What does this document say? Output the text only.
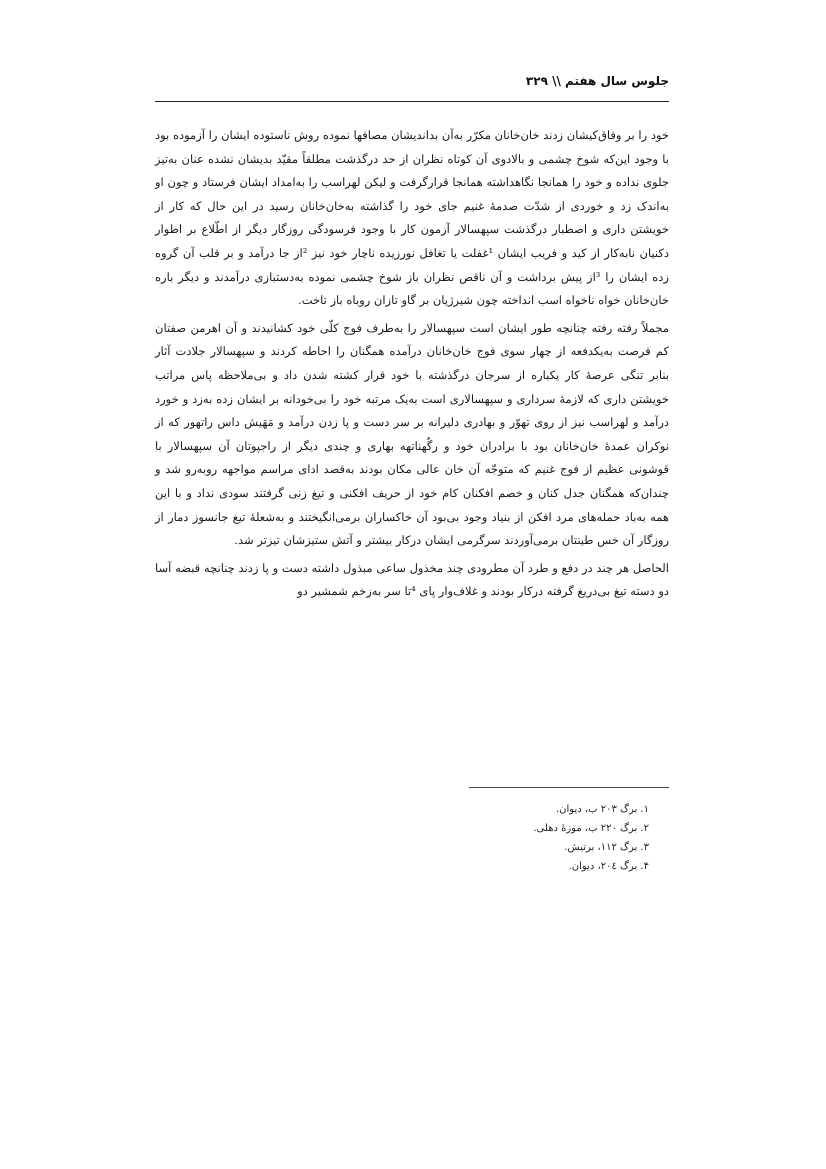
جلوس سال هفتم \\ ۳۲۹

خود را بر وفاق‌کیشان زدند خان‌خانان مکرّر به‌آن بداندیشان مصافها نموده روش ناستوده ایشان را آزموده بود با وجود این‌که شوخ چشمی و بالادوی آن کوتاه نظران از حد درگذشت مطلقاً مقیّد بدیشان نشده عنان به‌تیز جلوی نداده و خود را همانجا نگاهداشته همانجا قرارگرفت و لیکن لهراسب را به‌امداد ایشان فرستاد و چون او به‌اندک زد و خوردی از شدّت صدمهٔ غنیم جای خود را گذاشته به‌خان‌خانان رسید در این حال که کار از خویشتن داری و اصطبار درگذشت سپهسالار آزمون کار با وجود فرسودگی روزگار دیگر از اطّلاع بر اطوار دکنیان نابه‌کار از کید و فریب ایشان ¹غفلت یا تغافل نورزیده ناچار خود نیز ²از جا درآمد و بر قلب آن گروه زده ایشان را ³از پیش برداشت و آن ناقص نظران باز شوخ چشمی نموده به‌دستبازی درآمدند و دیگر باره خان‌خانان خواه ناخواه اسب انداخته چون شیرژیان بر گاو تازان روباه باز تاخت.

مجملاً رفته رفته چنانچه طور ایشان است سپهسالار را به‌طرف فوج کلّی خود کشانیدند و آن اهرمن صفتان کم فرصت به‌یکدفعه از چهار سوی فوج خان‌خانان درآمده همگنان را احاطه کردند و سپهسالار جلادت آثار بنابر تنگی عرصهٔ کار یکباره از سرجان درگذشته با خود قرار کشته شدن داد و بی‌ملاحظه پاس مراتب خویشتن داری که لازمهٔ سرداری و سپهسالاری است به‌یک مرتبه خود را بی‌خودانه بر ایشان زده به‌زد و خورد درآمد و لهراسب نیز از روی تهوّر و بهادری دلیرانه بر سر دست و پا زدن درآمد و مَهَیش داس راتهور که از نوکران عمدهٔ خان‌خانان بود با برادران خود و رگُهناتهه بهاری و چندی دیگر از راجپوتان آن سپهسالار با قوشونی عظیم از فوج غنیم که متوجّه آن خان عالی مکان بودند به‌قصد ادای مراسم مواجهه روبه‌رو شد و چندان‌که همگنان جدل کنان و خصم افکنان کام خود از حریف افکنی و تیغ زنی گرفتند سودی نداد و با این همه به‌باد حمله‌های مرد افکن از بنیاد وجود بی‌بود آن خاکساران برمی‌انگیختند و به‌شعلهٔ تیغ جانسوز دمار از روزگار آن خس طینتان برمی‌آوردند سرگرمی ایشان درکار بیشتر و آتش ستیزشان تیزتر شد.

الحاصل هر چند در دفع و طرد آن مطرودی چند مخذول ساعی مبذول داشته دست و پا زدند چنانچه قبضه آسا دو دسته تیغ بی‌دریغ گرفته درکار بودند و غلاف‌وار پای ⁴تا سر به‌زخم شمشیر دو

۱. برگ ۲۰۳ ب، دیوان.
۲. برگ ۲۲۰ ب، موزهٔ دهلی.
۳. برگ ۱۱۲، برتیش.
۴. برگ ۲۰٤، دیوان.
